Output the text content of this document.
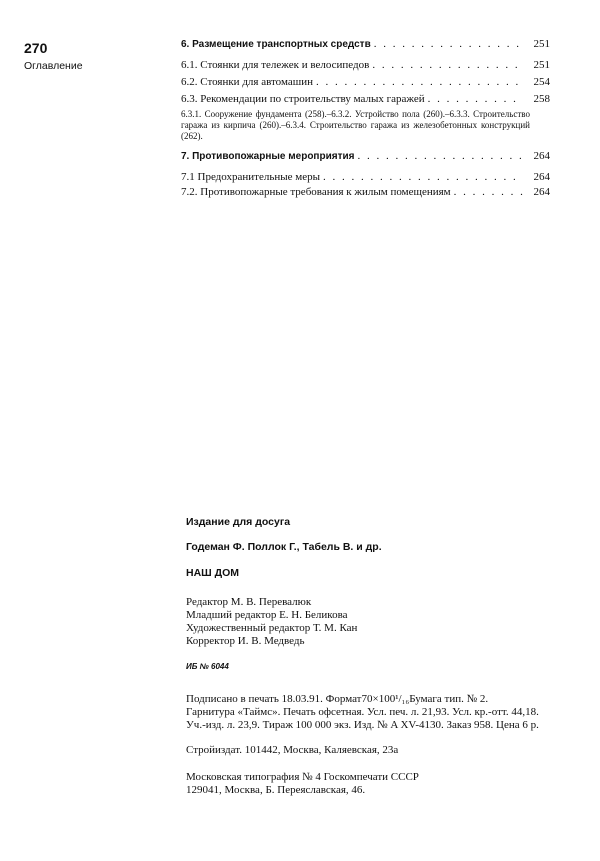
270
Оглавление
6. Размещение транспортных средств . . .	251
6.1. Стоянки для тележек и велосипедов . . .	251
6.2. Стоянки для автомашин . . .	254
6.3. Рекомендации по строительству малых гаражей . . .	258
6.3.1. Сооружение фундамента (258).–6.3.2. Устройство пола (260).–6.3.3. Строительство гаража из кирпича (260).–6.3.4. Строительство гаража из железобетонных конструкций (262).
7. Противопожарные мероприятия . . .	264
7.1 Предохранительные меры . . .	264
7.2. Противопожарные требования к жилым помещениям . . .	264
Издание для досуга
Годеман Ф. Поллок Г., Табель В. и др.
НАШ ДОМ
Редактор М. В. Перевалюк
Младший редактор Е. Н. Беликова
Художественный редактор Т. М. Кан
Корректор И. В. Медведь
ИБ № 6044
Подписано в печать 18.03.91. Формат70×100¹/₁₆Бумага тип. № 2.
Гарнитура «Таймс». Печать офсетная. Усл. печ. л. 21,93. Усл. кр.-отт. 44,18.
Уч.-изд. л. 23,9. Тираж 100 000 экз. Изд. № A XV-4130. Заказ 958. Цена 6 р.
Стройиздат. 101442, Москва, Каляевская, 23а
Московская типография № 4 Госкомпечати СССР
129041, Москва, Б. Переяславская, 46.
